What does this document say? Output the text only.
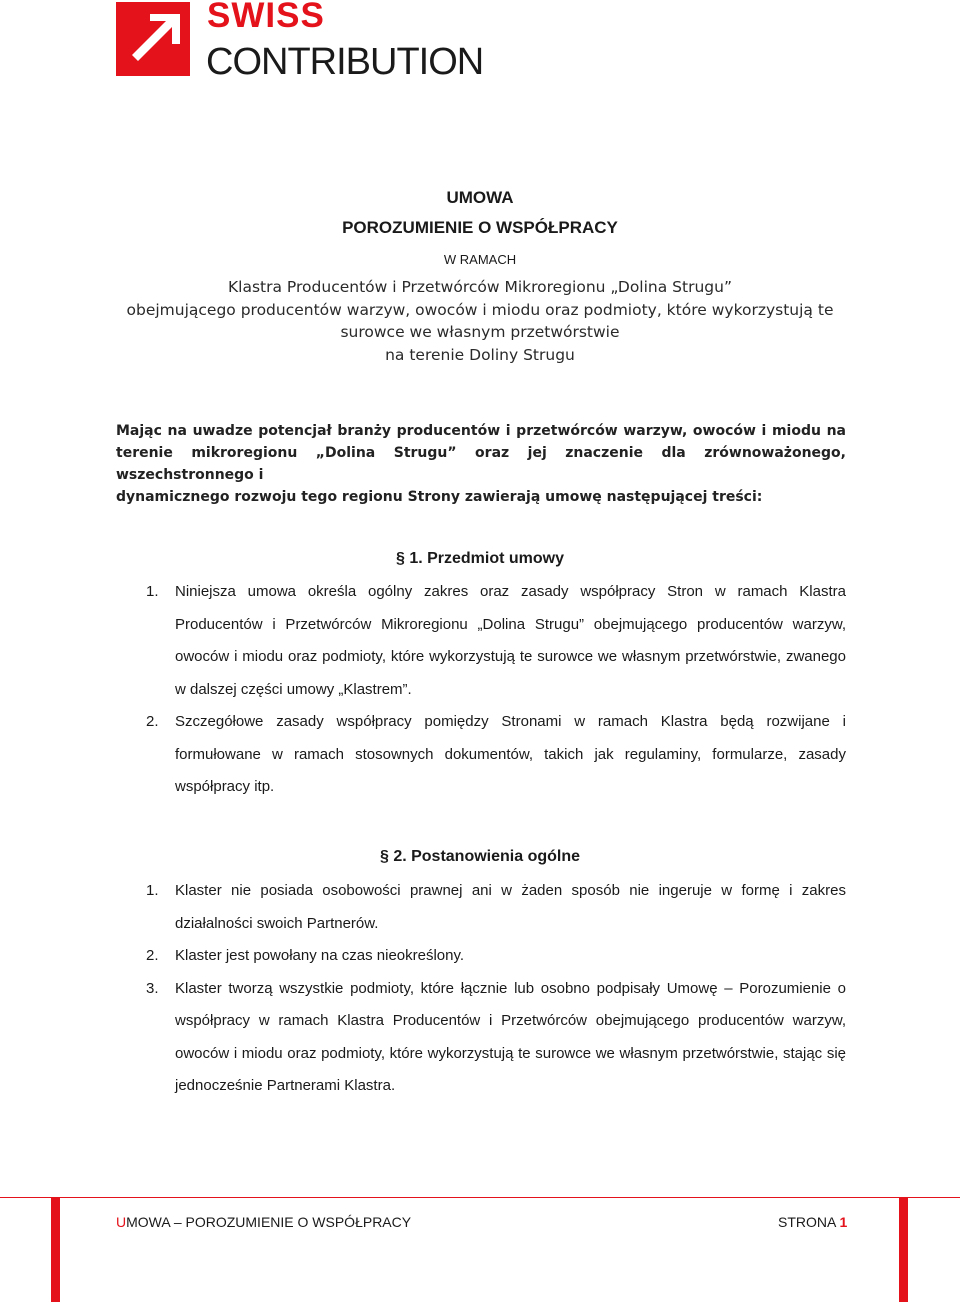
SWISS
CONTRIBUTION
UMOWA
POROZUMIENIE O WSPÓŁPRACY
W RAMACH
Klastra Producentów i Przetwórców Mikroregionu „Dolina Strugu”
obejmującego producentów warzyw, owoców i miodu oraz podmioty, które wykorzystują te
surowce we własnym przetwórstwie
na terenie Doliny Strugu
Mając na uwadze potencjał branży producentów i przetwórców warzyw, owoców i miodu na terenie mikroregionu „Dolina Strugu” oraz jej znaczenie dla zrównoważonego, wszechstronnego i
dynamicznego rozwoju tego regionu Strony zawierają umowę następującej treści:
§ 1. Przedmiot umowy
1. Niniejsza umowa określa ogólny zakres oraz zasady współpracy Stron w ramach Klastra Producentów i Przetwórców Mikroregionu „Dolina Strugu” obejmującego producentów warzyw, owoców i miodu oraz podmioty, które wykorzystują te surowce we własnym przetwórstwie, zwanego w dalszej części umowy „Klastrem”.
2. Szczegółowe zasady współpracy pomiędzy Stronami w ramach Klastra będą rozwijane i formułowane w ramach stosownych dokumentów, takich jak regulaminy, formularze, zasady współpracy itp.
§ 2. Postanowienia ogólne
1. Klaster nie posiada osobowości prawnej ani w żaden sposób nie ingeruje w formę i zakres działalności swoich Partnerów.
2. Klaster jest powołany na czas nieokreślony.
3. Klaster tworzą wszystkie podmioty, które łącznie lub osobno podpisały Umowę – Porozumienie o współpracy w ramach Klastra Producentów i Przetwórców obejmującego producentów warzyw, owoców i miodu oraz podmioty, które wykorzystują te surowce we własnym przetwórstwie, stając się jednocześnie Partnerami Klastra.
UMOWA – POROZUMIENIE O WSPÓŁPRACY	STRONA 1
